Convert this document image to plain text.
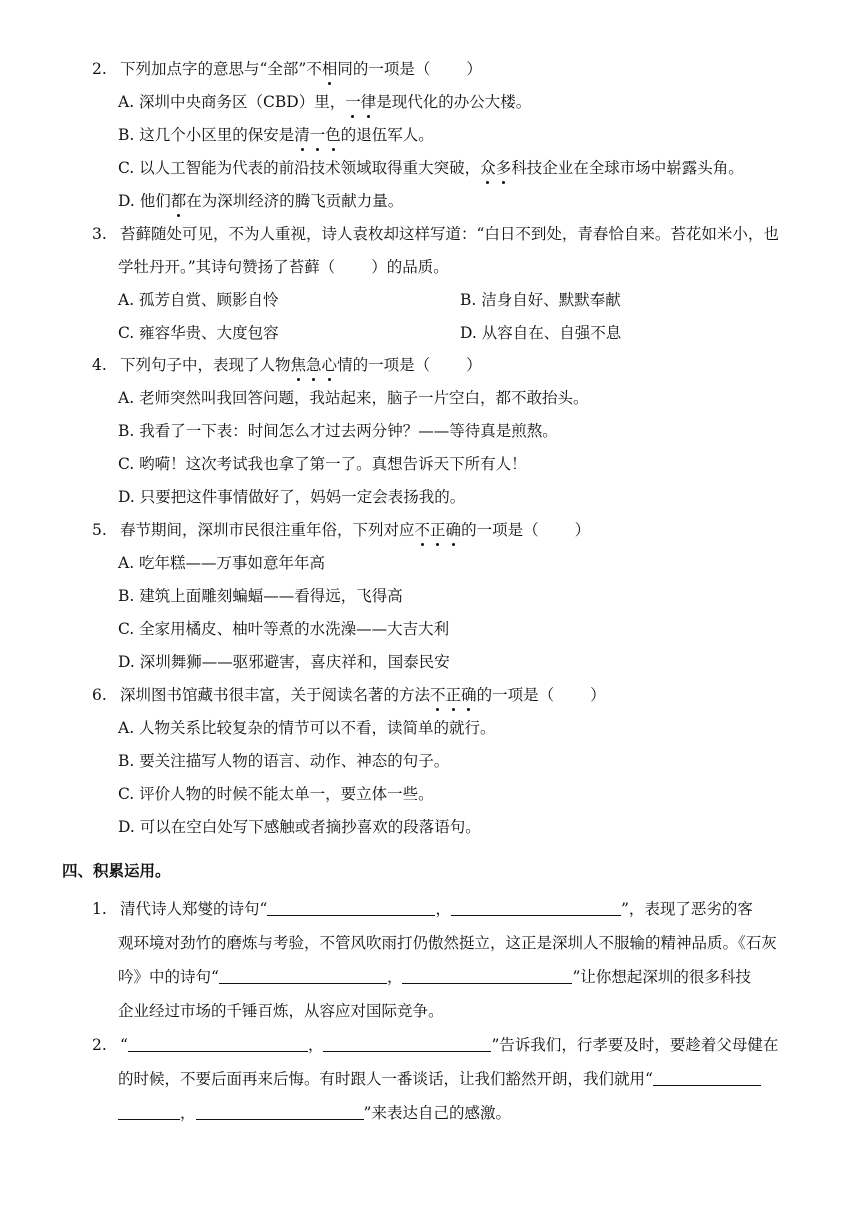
2. 下列加点字的意思与“全部”不相同的一项是（ ）
A. 深圳中央商务区（CBD）里，一律是现代化的办公大楼。
B. 这几个小区里的保安是清一色的退伍军人。
C. 以人工智能为代表的前沿技术领域取得重大突破，众多科技企业在全球市场中崭露头角。
D. 他们都在为深圳经济的腾飞贡献力量。
3. 苔藓随处可见，不为人重视，诗人袁枚却这样写道：“白日不到处，青春恰自来。苔花如米小，也
学牡丹开。”其诗句赞扬了苔藓（ ）的品质。
A. 孤芳自赏、顾影自怜	B. 洁身自好、默默奉献
C. 雍容华贵、大度包容	D. 从容自在、自强不息
4. 下列句子中，表现了人物焦急心情的一项是（ ）
A. 老师突然叫我回答问题，我站起来，脑子一片空白，都不敢抬头。
B. 我看了一下表：时间怎么才过去两分钟？——等待真是煎熬。
C. 哟嗬！这次考试我也拿了第一了。真想告诉天下所有人！
D. 只要把这件事情做好了，妈妈一定会表扬我的。
5. 春节期间，深圳市民很注重年俗，下列对应不正确的一项是（ ）
A. 吃年糕——万事如意年年高
B. 建筑上面雕刻蝙蝠——看得远，飞得高
C. 全家用橘皮、柚叶等煮的水洗澡——大吉大利
D. 深圳舞狮——驱邪避害，喜庆祥和，国泰民安
6. 深圳图书馆藏书很丰富，关于阅读名著的方法不正确的一项是（ ）
A. 人物关系比较复杂的情节可以不看，读简单的就行。
B. 要关注描写人物的语言、动作、神态的句子。
C. 评价人物的时候不能太单一，要立体一些。
D. 可以在空白处写下感触或者摘抄喜欢的段落语句。
四、积累运用。
1. 清代诗人郑燮的诗句“	，	”，表现了恶劣的客
观环境对劲竹的磨炼与考验，不管风吹雨打仍傲然挺立，这正是深圳人不服输的精神品质。《石灰
吟》中的诗句“	，	”让你想起深圳的很多科技
企业经过市场的千锤百炼，从容应对国际竞争。
2. “	，	”告诉我们，行孝要及时，要趁着父母健在
的时候，不要后面再来后悔。有时跟人一番谈话，让我们豁然开朗，我们就用“
，	”来表达自己的感激。
